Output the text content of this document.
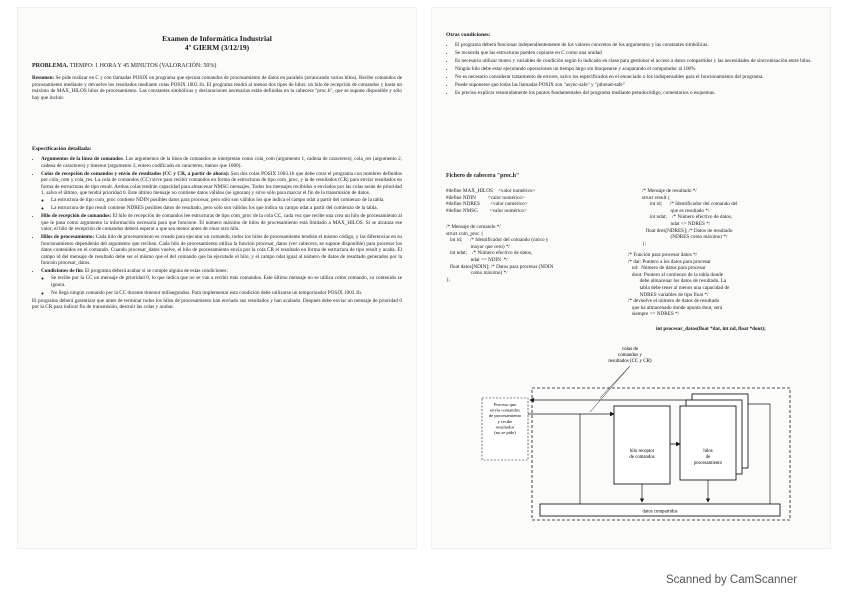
Examen de Informática Industrial
4º GIERM (3/12/19)
PROBLEMA. TIEMPO: 1 HORA Y 45 MINUTOS (VALORACIÓN: 50%)
Resumen: Se pide realizar en C y con llamadas POSIX un programa que ejecuta comandos de procesamiento de datos en paralelo (arrancando varios hilos). Recibe comandos de procesamiento mediante y devuelve los resultados mediante colas POSIX 1003.1b. El programa tendrá al menos dos tipos de hilos: un hilo de recepción de comandos y hasta un máximo de MAX_HILOS hilos de procesamiento. Las constantes simbólicas y declaraciones necesarias están definidas en la cabecera "proc.h", que se supone disponible y sólo hay que incluir.
Especificación detallada:
• Argumentos de la línea de comandos. Los argumentos de la línea de comandos se interpretan como cola_com (argumento 1, cadena de caracteres), cola_res (argumento 2, cadena de caracteres) y timeout (argumento 3, entero codificado en caracteres, menor que 1000).
• Colas de recepción de comandos y envío de resultados (CC y CR, a partir de ahora): Son dos colas POSIX 1003.1b que debe crear el programa con nombres definidos por cola_com y cola_res. La cola de comandos (CC) sirve para recibir comandos en forma de estructuras de tipo com_proc, y la de resultados (CR) para enviar resultados en forma de estructuras de tipo result. Ambas colas tendrán capacidad para almacenar NMSG mensajes. Todos los mensajes recibidos o enviados por las colas serán de prioridad 1, salvo el último, que tendrá prioridad 0. Este último mensaje no contiene datos válidos (se ignoran) y sirve sólo para marcar el fin de la transmisión de datos.
◦ La estructura de tipo com_proc contiene NDIN posibles datos para procesar, pero sólo son válidos los que indica el campo ndat a partir del comienzo de la tabla.
◦ La estructura de tipo result contiene NDRES posibles datos de resultado, pero sólo son válidos los que indica su campo ndat a partir del comienzo de la tabla.
• Hilo de recepción de comandos: El hilo de recepción de comandos lee estructuras de tipo com_proc de la cola CC, cada vez que recibe una crea un hilo de procesamiento al que le pasa como argumento la información necesaria para que funcione. El número máximo de hilos de procesamiento está limitado a MAX_HILOS. Si se alcanza ese valor, el hilo de recepción de comandos deberá esperar a que sea menor antes de crear otro hilo.
• Hilos de procesamiento: Cada hilo de procesamiento es creado para ejecutar un comando, todos los hilos de procesamiento tendrán el mismo código, y las diferencias en su funcionamiento dependerán del argumento que reciban. Cada hilo de procesamiento utiliza la función procesar_datos (ver cabecera, se supone disponible) para procesar los datos contenidos en el comando. Cuando procesar_datos vuelve, el hilo de procesamiento envía por la cola CR el resultado en forma de estructura de tipo result y acaba. El campo id del mensaje de resultado debe ser el mismo que el del comando que ha ejecutado el hilo, y el campo ndat igual al número de datos de resultado generados por la función procesar_datos.
• Condiciones de fin: El programa deberá acabar si se cumple alguna de estas condiciones:
◦ Se recibe por la CC un mensaje de prioridad 0, lo que indica que no se van a recibir más comandos. Este último mensaje no se utiliza como comando, su contenido se ignora.
◦ No llega ningún comando por la CC durante timeout milisegundos. Para implementar esta condición debe utilizarse un temporizador POSIX 1003.1b.
El programa deberá garantizar que antes de terminar todos los hilos de procesamiento han enviado sus resultados y han acabado. Después debe enviar un mensaje de prioridad 0 por la CR para indicar fin de transmisión, destruir las colas y acabar.
Otras condiciones:
• El programa deberá funcionar independientemente de los valores concretos de los argumentos y las constantes simbólicas.
• Se recuerda que las estructuras pueden copiarse en C como una unidad
• Es necesario utilizar mutex y variables de condición según lo indicado en clase para gestionar el acceso a datos compartidos y las necesidades de sincronización entre hilos.
• Ningún hilo debe estar ejecutando operaciones un tiempo largo sin bloquearse y acaparando el computador al 100%
• No es necesario considerar tratamiento de errores, salvo los especificados en el enunciado o los indispensables para el funcionamiento del programa.
• Puede suponerse que todas las llamadas POSIX son "async-safe" y "pthread-safe"
• Es preciso explicar resumidamente los puntos fundamentales del programa mediante pseudocódigo, comentarios o esquemas.
Fichero de cabecera "proc.h"
#define MAX_HILOS    <valor numérico>
#define NDIN         <valor numérico>
#define NDRES        <valor numérico>
#define NMSG         <valor numérico>
/* Mensaje de comando */
struct com_proc {
int id;      /* Identificador del comando (único y
mayor que cero) */
int ndat;    /* Número efectivo de datos,
ndat <= NDIN  */
float datos[NDIN]; /* Datos para procesar (NDIN
como máximo) */
};
/* Mensaje de resultado */
struct result {
int id;      /* Identificador del comando del
que es resultado */
int ndat;    /* Número efectivo de datos,
ndat <= NDRES */
float dres[NDRES]; /* Datos de resultado
(NDRES como máximo) */
};
/* Función para procesar datos */
/* dat: Puntero a los datos para procesar
nd:  Número de datos para procesar
dout: Puntero al comienzo de la tabla donde
debe almacenar los datos de resultado. La
tabla debe tener al menos una capacidad de
NDRES variables de tipo float */
/* devuelve el número de datos de resultado
que ha almacenado donde apunta dout, será
siempre <= NDRES */
int procesar_datos(float *dat, int nd, float *dout);
colas de comandos y resultados (CC y CR)
Proceso que envía comandos de procesamiento y recibe resultados (no se pide)
hilo receptor de comandos
hilos de procesamiento
datos compartidos
Scanned by CamScanner
